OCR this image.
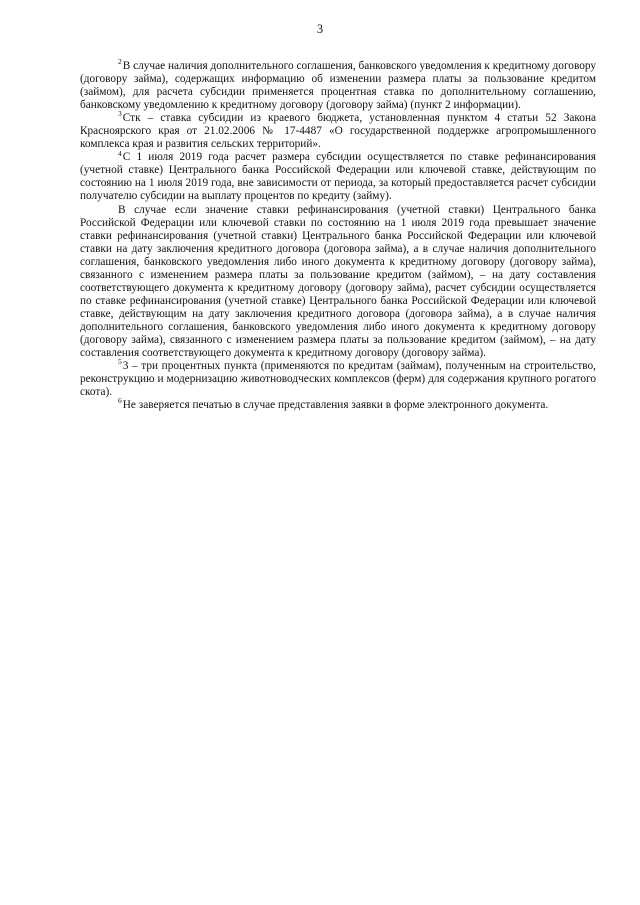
3

$^2$В случае наличия дополнительного соглашения, банковского уведомления к кредитному договору (договору займа), содержащих информацию об изменении размера платы за пользование кредитом (займом), для расчета субсидии применяется процентная ставка по дополнительному соглашению, банковскому уведомлению к кредитному договору (договору займа) (пункт 2 информации).

$^3$Стк – ставка субсидии из краевого бюджета, установленная пунктом 4 статьи 52 Закона Красноярского края от 21.02.2006 № 17-4487 «О государственной поддержке агропромышленного комплекса края и развития сельских территорий».

$^4$С 1 июля 2019 года расчет размера субсидии осуществляется по ставке рефинансирования (учетной ставке) Центрального банка Российской Федерации или ключевой ставке, действующим по состоянию на 1 июля 2019 года, вне зависимости от периода, за который предоставляется расчет субсидии получателю субсидии на выплату процентов по кредиту (займу).

В случае если значение ставки рефинансирования (учетной ставки) Центрального банка Российской Федерации или ключевой ставки по состоянию на 1 июля 2019 года превышает значение ставки рефинансирования (учетной ставки) Центрального банка Российской Федерации или ключевой ставки на дату заключения кредитного договора (договора займа), а в случае наличия дополнительного соглашения, банковского уведомления либо иного документа к кредитному договору (договору займа), связанного с изменением размера платы за пользование кредитом (займом), – на дату составления соответствующего документа к кредитному договору (договору займа), расчет субсидии осуществляется по ставке рефинансирования (учетной ставке) Центрального банка Российской Федерации или ключевой ставке, действующим на дату заключения кредитного договора (договора займа), а в случае наличия дополнительного соглашения, банковского уведомления либо иного документа к кредитному договору (договору займа), связанного с изменением размера платы за пользование кредитом (займом), – на дату составления соответствующего документа к кредитному договору (договору займа).

$^5$3 – три процентных пункта (применяются по кредитам (займам), полученным на строительство, реконструкцию и модернизацию животноводческих комплексов (ферм) для содержания крупного рогатого скота).

$^6$Не заверяется печатью в случае представления заявки в форме электронного документа.
